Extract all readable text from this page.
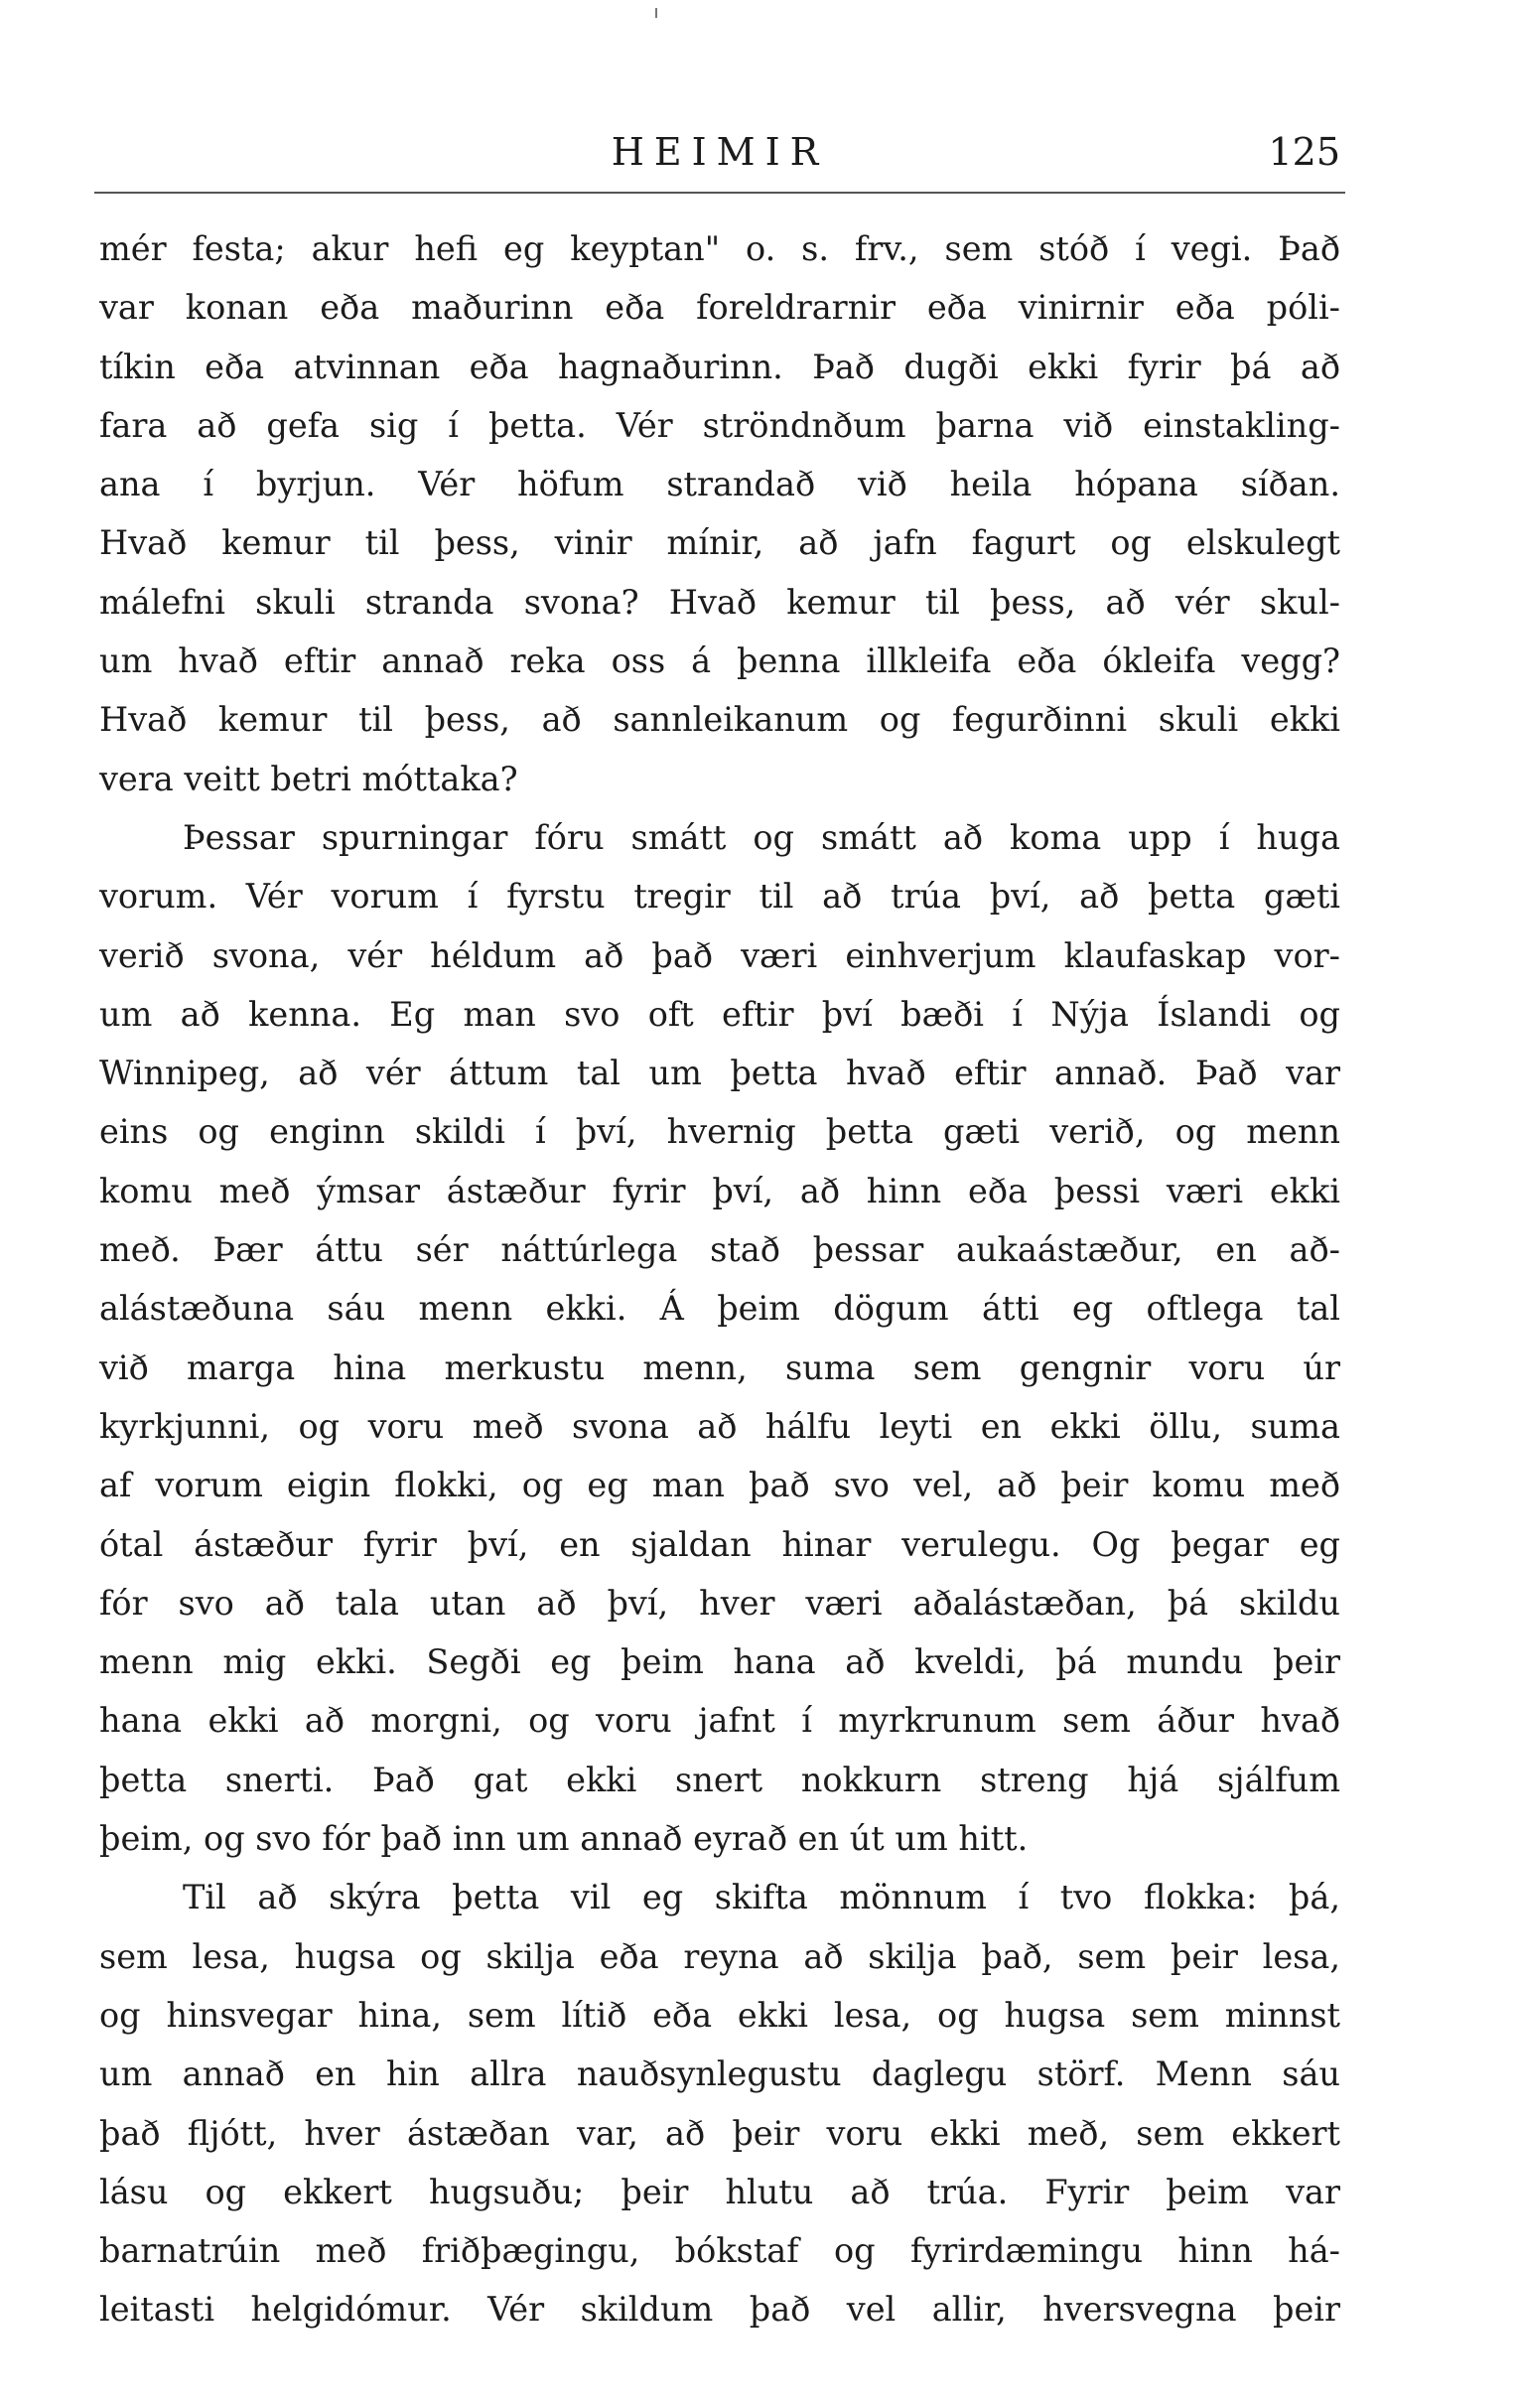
HEIMIR	125
mér festa; akur hefi eg keyptan" o. s. frv., sem stóð í vegi. Það
var konan eða maðurinn eða foreldrarnir eða vinirnir eða póli-
tíkin eða atvinnan eða hagnaðurinn. Það dugði ekki fyrir þá að
fara að gefa sig í þetta. Vér ströndnðum þarna við einstakling-
ana í byrjun. Vér höfum strandað við heila hópana síðan.
Hvað kemur til þess, vinir mínir, að jafn fagurt og elskulegt
málefni skuli stranda svona? Hvað kemur til þess, að vér skul-
um hvað eftir annað reka oss á þenna illkleifa eða ókleifa vegg?
Hvað kemur til þess, að sannleikanum og fegurðinni skuli ekki
vera veitt betri móttaka?
Þessar spurningar fóru smátt og smátt að koma upp í huga
vorum. Vér vorum í fyrstu tregir til að trúa því, að þetta gæti
verið svona, vér héldum að það væri einhverjum klaufaskap vor-
um að kenna. Eg man svo oft eftir því bæði í Nýja Íslandi og
Winnipeg, að vér áttum tal um þetta hvað eftir annað. Það var
eins og enginn skildi í því, hvernig þetta gæti verið, og menn
komu með ýmsar ástæður fyrir því, að hinn eða þessi væri ekki
með. Þær áttu sér náttúrlega stað þessar aukaástæður, en að-
alástæðuna sáu menn ekki. Á þeim dögum átti eg oftlega tal
við marga hina merkustu menn, suma sem gengnir voru úr
kyrkjunni, og voru með svona að hálfu leyti en ekki öllu, suma
af vorum eigin flokki, og eg man það svo vel, að þeir komu með
ótal ástæður fyrir því, en sjaldan hinar verulegu. Og þegar eg
fór svo að tala utan að því, hver væri aðalástæðan, þá skildu
menn mig ekki. Segði eg þeim hana að kveldi, þá mundu þeir
hana ekki að morgni, og voru jafnt í myrkrunum sem áður hvað
þetta snerti. Það gat ekki snert nokkurn streng hjá sjálfum
þeim, og svo fór það inn um annað eyrað en út um hitt.
Til að skýra þetta vil eg skifta mönnum í tvo flokka: þá,
sem lesa, hugsa og skilja eða reyna að skilja það, sem þeir lesa,
og hinsvegar hina, sem lítið eða ekki lesa, og hugsa sem minnst
um annað en hin allra nauðsynlegustu daglegu störf. Menn sáu
það fljótt, hver ástæðan var, að þeir voru ekki með, sem ekkert
lásu og ekkert hugsuðu; þeir hlutu að trúa. Fyrir þeim var
barnatrúin með friðþægingu, bókstaf og fyrirdæmingu hinn há-
leitasti helgidómur. Vér skildum það vel allir, hversvegna þeir
